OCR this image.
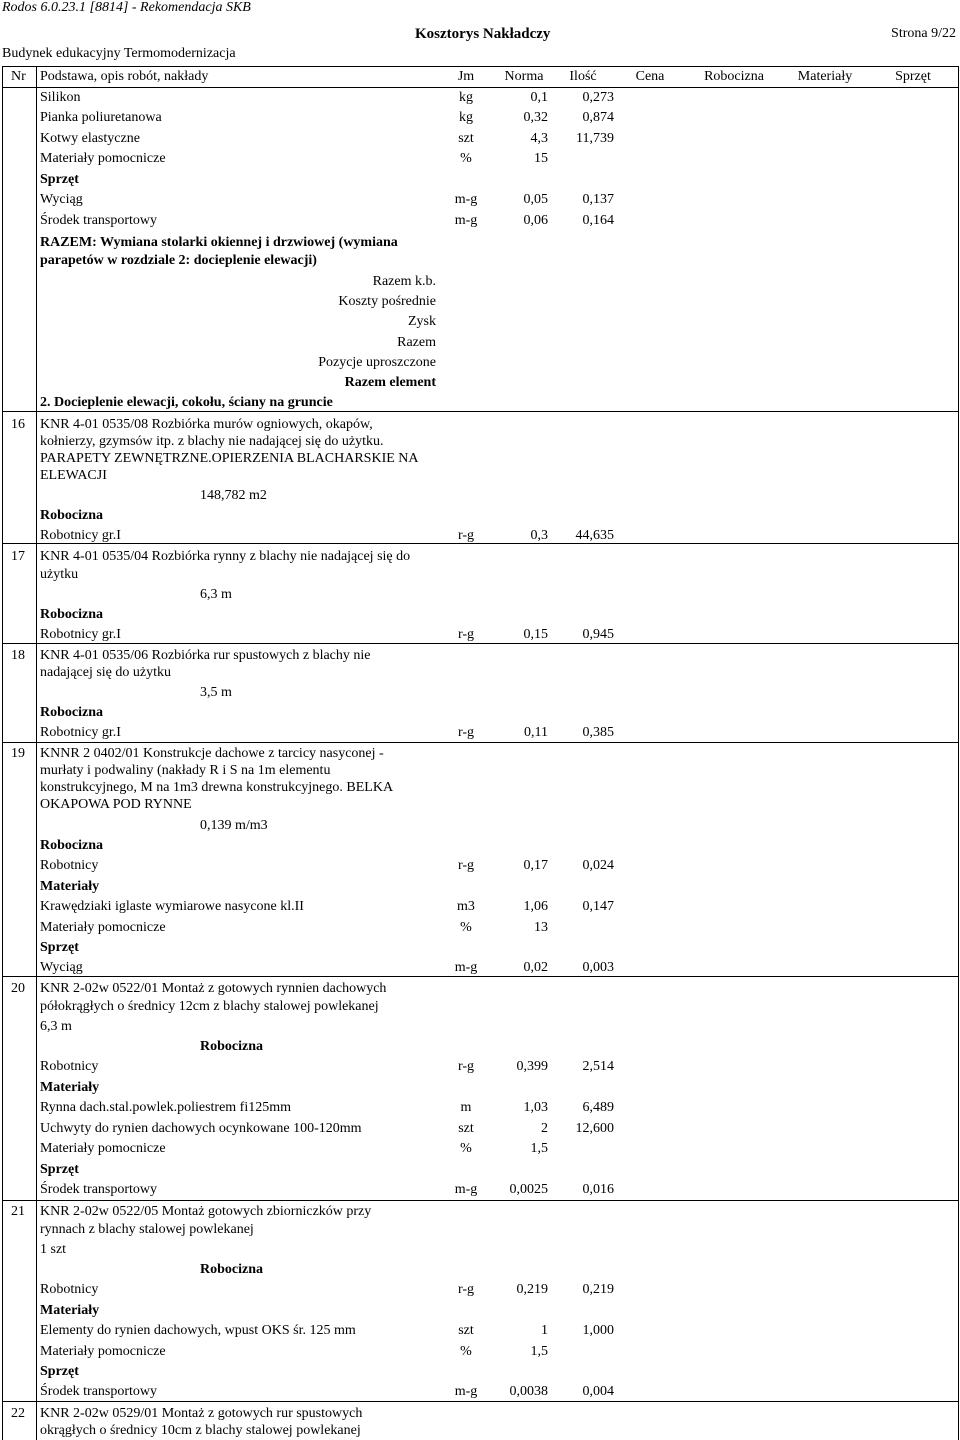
Rodos 6.0.23.1 [8814] - Rekomendacja SKB
Kosztorys Nakładczy	Strona 9/22
Budynek edukacyjny Termomodernizacja
Nr Podstawa, opis robót, nakłady	Jm	Norma	Ilość	Cena	Robocizna	Materiały	Sprzęt
Silikon	kg	0,1	0,273
Pianka poliuretanowa	kg	0,32	0,874
Kotwy elastyczne	szt	4,3	11,739
Materiały pomocnicze	%	15
Sprzęt
Wyciąg	m-g	0,05	0,137
Środek transportowy	m-g	0,06	0,164
RAZEM: Wymiana stolarki okiennej i drzwiowej (wymiana
parapetów w rozdziale 2: docieplenie elewacji)
Razem k.b.
Koszty pośrednie
Zysk
Razem
Pozycje uproszczone
Razem element
2. Docieplenie elewacji, cokołu, ściany na gruncie
16 KNR 4-01 0535/08 Rozbiórka murów ogniowych, okapów,
kołnierzy, gzymsów itp. z blachy nie nadającej się do użytku.
PARAPETY ZEWNĘTRZNE.OPIERZENIA BLACHARSKIE NA
ELEWACJI
148,782 m2
Robocizna
Robotnicy gr.I	r-g	0,3	44,635
17 KNR 4-01 0535/04 Rozbiórka rynny z blachy nie nadającej się do
użytku
6,3 m
Robocizna
Robotnicy gr.I	r-g	0,15	0,945
18 KNR 4-01 0535/06 Rozbiórka rur spustowych z blachy nie
nadającej się do użytku
3,5 m
Robocizna
Robotnicy gr.I	r-g	0,11	0,385
19 KNNR 2 0402/01 Konstrukcje dachowe z tarcicy nasyconej -
murłaty i podwaliny (nakłady R i S na 1m elementu
konstrukcyjnego, M na 1m3 drewna konstrukcyjnego. BELKA
OKAPOWA POD RYNNE
0,139 m/m3
Robocizna
Robotnicy	r-g	0,17	0,024
Materiały
Krawędziaki iglaste wymiarowe nasycone kl.II	m3	1,06	0,147
Materiały pomocnicze	%	13
Sprzęt
Wyciąg	m-g	0,02	0,003
20 KNR 2-02w 0522/01 Montaż z gotowych rynnien dachowych
półokrągłych o średnicy 12cm z blachy stalowej powlekanej
6,3 m
Robocizna
Robotnicy	r-g	0,399	2,514
Materiały
Rynna dach.stal.powlek.poliestrem fi125mm	m	1,03	6,489
Uchwyty do rynien dachowych ocynkowane 100-120mm	szt	2	12,600
Materiały pomocnicze	%	1,5
Sprzęt
Środek transportowy	m-g	0,0025	0,016
21 KNR 2-02w 0522/05 Montaż gotowych zbiorniczków przy
rynnach z blachy stalowej powlekanej
1 szt
Robocizna
Robotnicy	r-g	0,219	0,219
Materiały
Elementy do rynien dachowych, wpust OKS śr. 125 mm	szt	1	1,000
Materiały pomocnicze	%	1,5
Sprzęt
Środek transportowy	m-g	0,0038	0,004
22 KNR 2-02w 0529/01 Montaż z gotowych rur spustowych
okrągłych o średnicy 10cm z blachy stalowej powlekanej
